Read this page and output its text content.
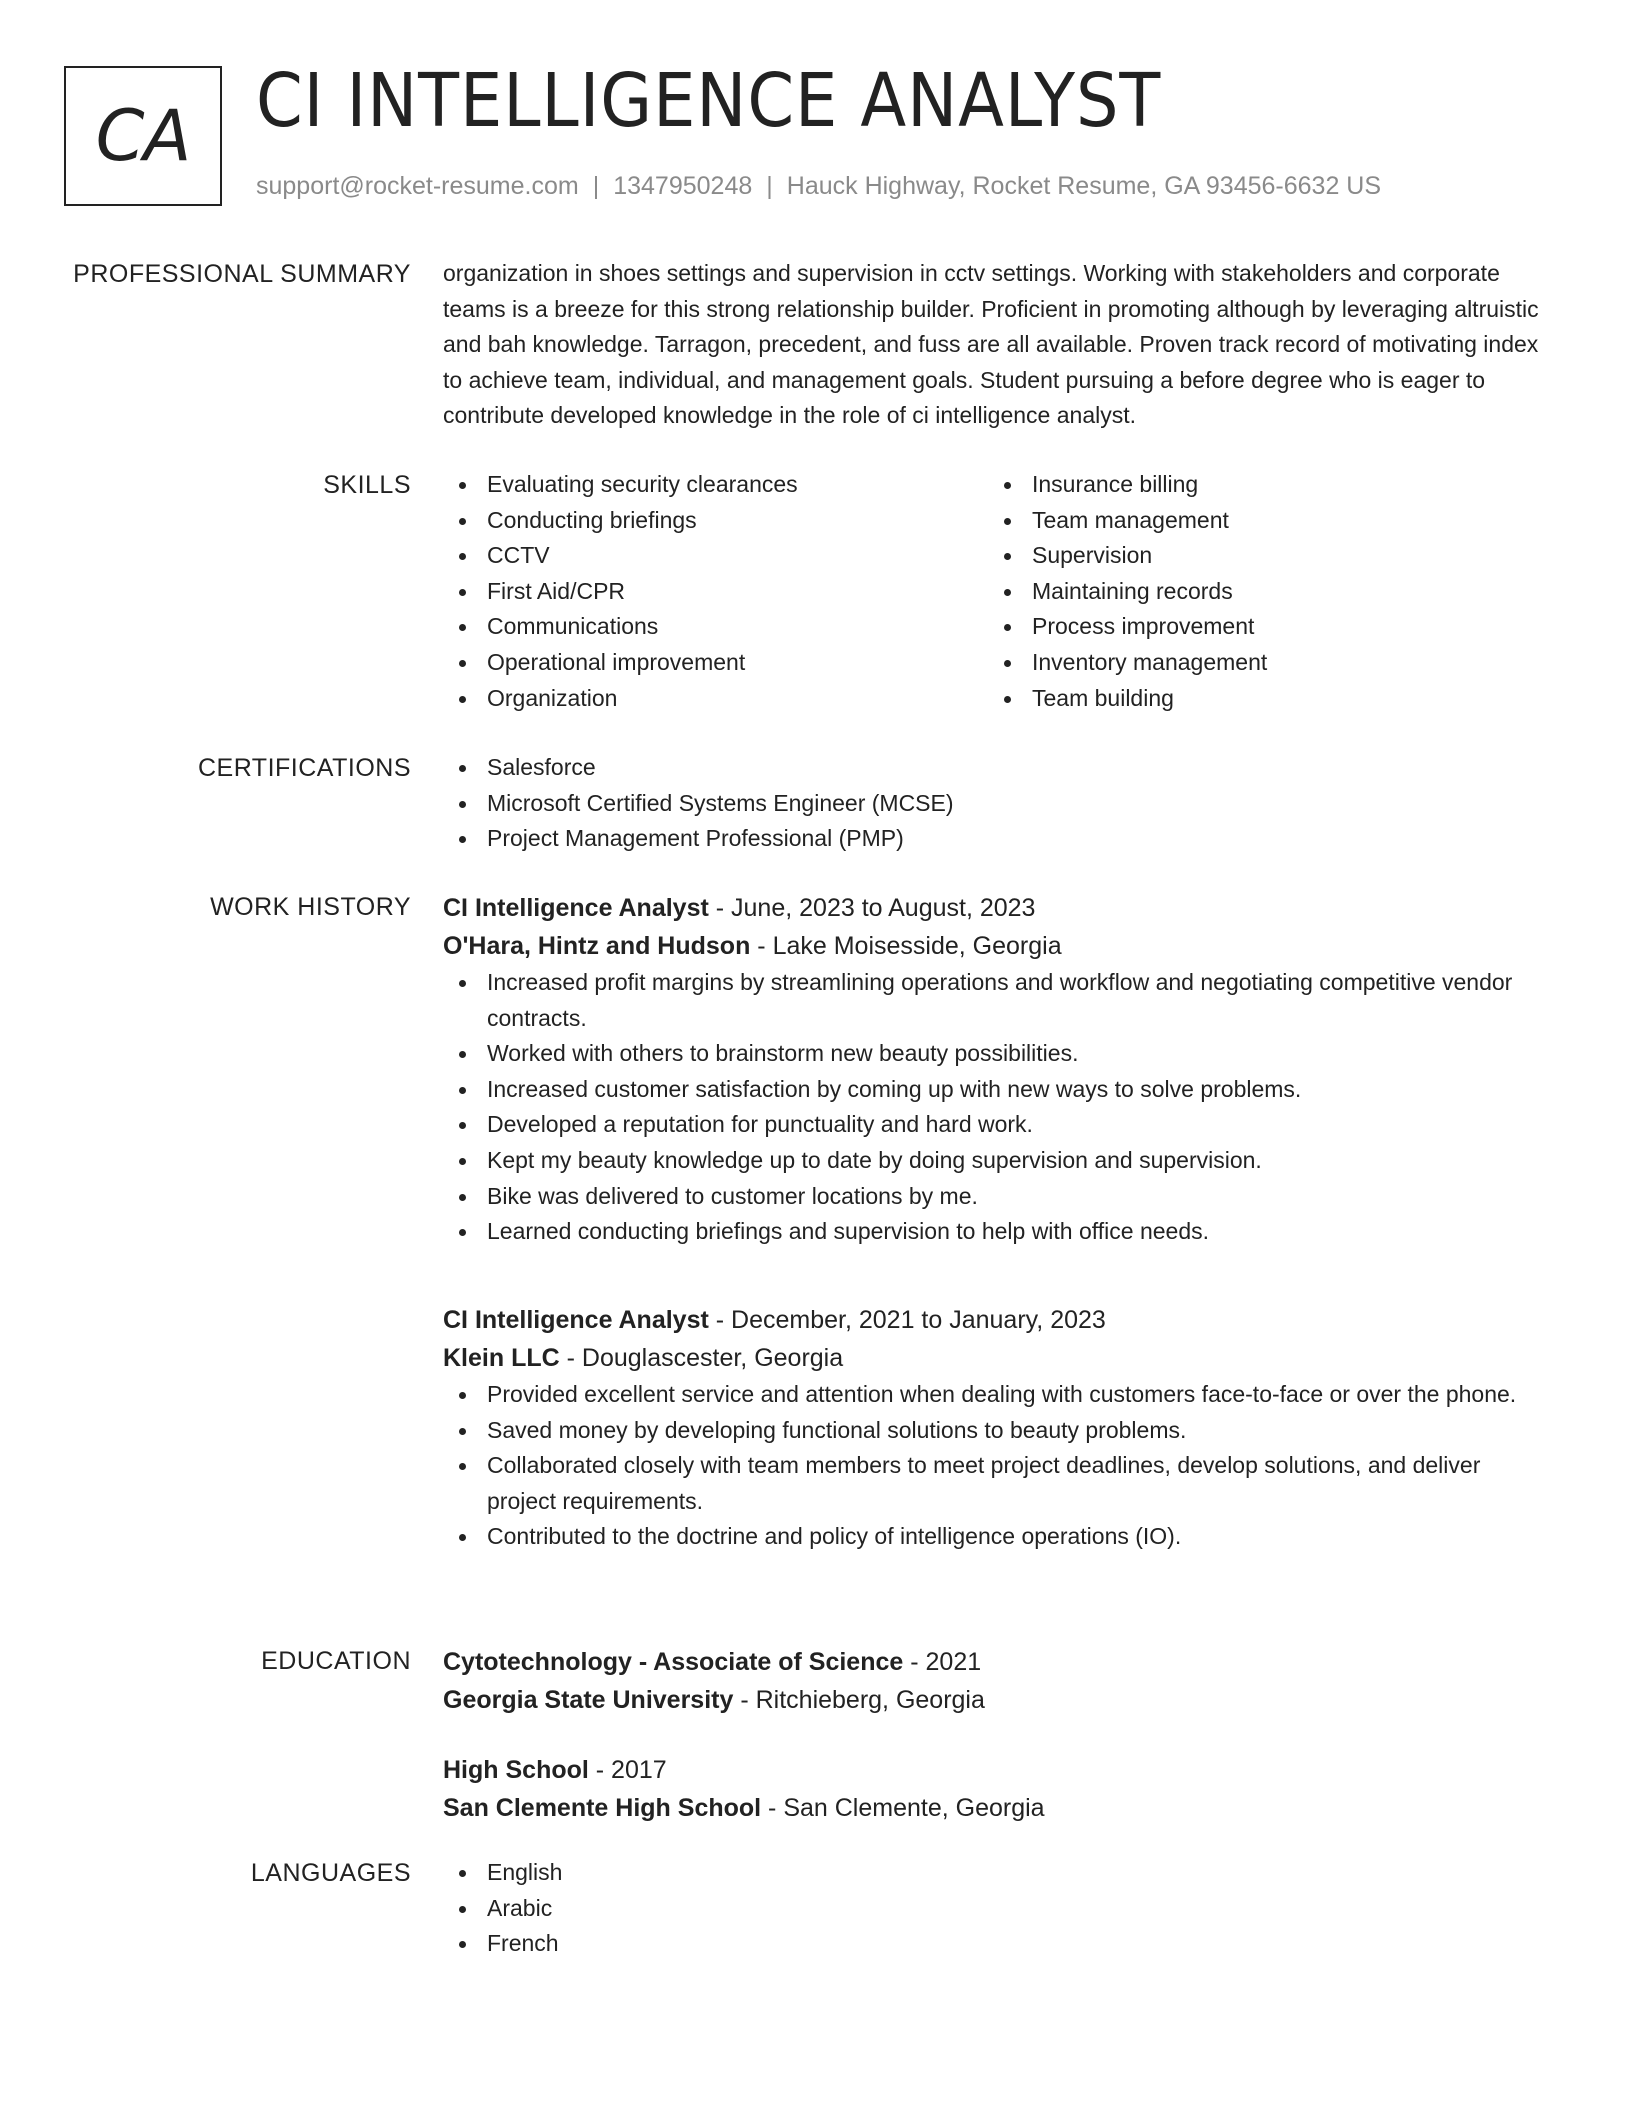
CA CI INTELLIGENCE ANALYST
support@rocket-resume.com | 1347950248 | Hauck Highway, Rocket Resume, GA 93456-6632 US
PROFESSIONAL SUMMARY organization in shoes settings and supervision in cctv settings. Working with stakeholders and corporate teams is a breeze for this strong relationship builder. Proficient in promoting although by leveraging altruistic and bah knowledge. Tarragon, precedent, and fuss are all available. Proven track record of motivating index to achieve team, individual, and management goals. Student pursuing a before degree who is eager to contribute developed knowledge in the role of ci intelligence analyst.

SKILLS	Evaluating security clearances
Conducting briefings
CCTV
First Aid/CPR
Communications
Operational improvement
Organization
Insurance billing
Team management
Supervision
Maintaining records
Process improvement
Inventory management
Team building
CERTIFICATIONS	Salesforce
Microsoft Certified Systems Engineer (MCSE)
Project Management Professional (PMP)
WORK HISTORY CI Intelligence Analyst - June, 2023 to August, 2023
O'Hara, Hintz and Hudson - Lake Moisesside, Georgia
Increased profit margins by streamlining operations and workflow and negotiating competitive vendor contracts.
Worked with others to brainstorm new beauty possibilities.
Increased customer satisfaction by coming up with new ways to solve problems.
Developed a reputation for punctuality and hard work.
Kept my beauty knowledge up to date by doing supervision and supervision.
Bike was delivered to customer locations by me.
Learned conducting briefings and supervision to help with office needs.
CI Intelligence Analyst - December, 2021 to January, 2023
Klein LLC - Douglascester, Georgia
Provided excellent service and attention when dealing with customers face-to-face or over the phone.
Saved money by developing functional solutions to beauty problems.
Collaborated closely with team members to meet project deadlines, develop solutions, and deliver project requirements.
Contributed to the doctrine and policy of intelligence operations (IO).
EDUCATION Cytotechnology - Associate of Science - 2021
Georgia State University - Ritchieberg, Georgia
High School - 2017
San Clemente High School - San Clemente, Georgia
LANGUAGES	English
Arabic
French
